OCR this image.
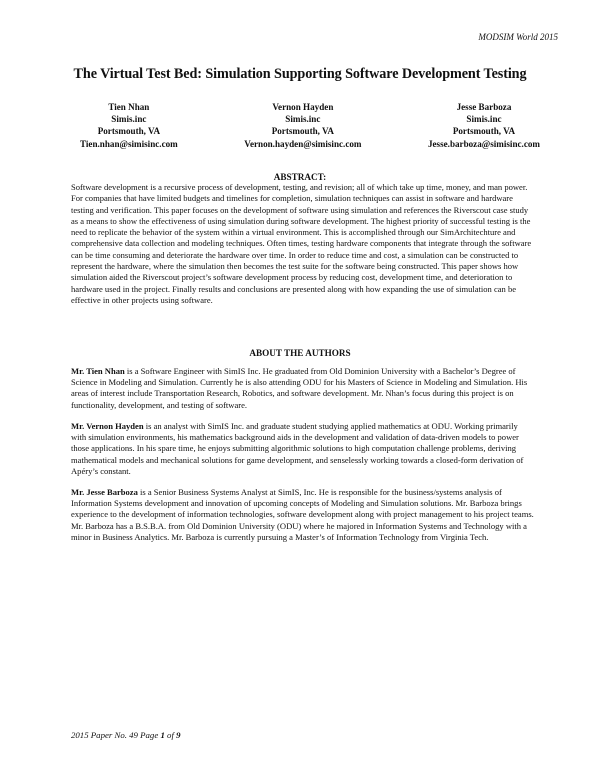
MODSIM World 2015
The Virtual Test Bed: Simulation Supporting Software Development Testing
Tien Nhan
Simis.inc
Portsmouth, VA
Tien.nhan@simisinc.com
Vernon Hayden
Simis.inc
Portsmouth, VA
Vernon.hayden@simisinc.com
Jesse Barboza
Simis.inc
Portsmouth, VA
Jesse.barboza@simisinc.com
ABSTRACT:
Software development is a recursive process of development, testing, and revision; all of which take up time, money, and man power. For companies that have limited budgets and timelines for completion, simulation techniques can assist in software and hardware testing and verification. This paper focuses on the development of software using simulation and references the Riverscout case study as a means to show the effectiveness of using simulation during software development. The highest priority of successful testing is the need to replicate the behavior of the system within a virtual environment. This is accomplished through our SimArchitechture and comprehensive data collection and modeling techniques. Often times, testing hardware components that integrate through the software can be time consuming and deteriorate the hardware over time. In order to reduce time and cost, a simulation can be constructed to represent the hardware, where the simulation then becomes the test suite for the software being constructed. This paper shows how simulation aided the Riverscout project’s software development process by reducing cost, development time, and deterioration to hardware used in the project. Finally results and conclusions are presented along with how expanding the use of simulation can be effective in other projects using software.
ABOUT THE AUTHORS
Mr. Tien Nhan is a Software Engineer with SimIS Inc. He graduated from Old Dominion University with a Bachelor’s Degree of Science in Modeling and Simulation. Currently he is also attending ODU for his Masters of Science in Modeling and Simulation. His areas of interest include Transportation Research, Robotics, and software development. Mr. Nhan’s focus during this project is on functionality, development, and testing of software.
Mr. Vernon Hayden is an analyst with SimIS Inc. and graduate student studying applied mathematics at ODU. Working primarily with simulation environments, his mathematics background aids in the development and validation of data-driven models to power those applications. In his spare time, he enjoys submitting algorithmic solutions to high computation challenge problems, deriving mathematical models and mechanical solutions for game development, and senselessly working towards a closed-form derivation of Apéry’s constant.
Mr. Jesse Barboza is a Senior Business Systems Analyst at SimIS, Inc. He is responsible for the business/systems analysis of Information Systems development and innovation of upcoming concepts of Modeling and Simulation solutions. Mr. Barboza brings experience to the development of information technologies, software development along with project management to his project teams. Mr. Barboza has a B.S.B.A. from Old Dominion University (ODU) where he majored in Information Systems and Technology with a minor in Business Analytics. Mr. Barboza is currently pursuing a Master’s of Information Technology from Virginia Tech.
2015 Paper No. 49 Page 1 of 9
